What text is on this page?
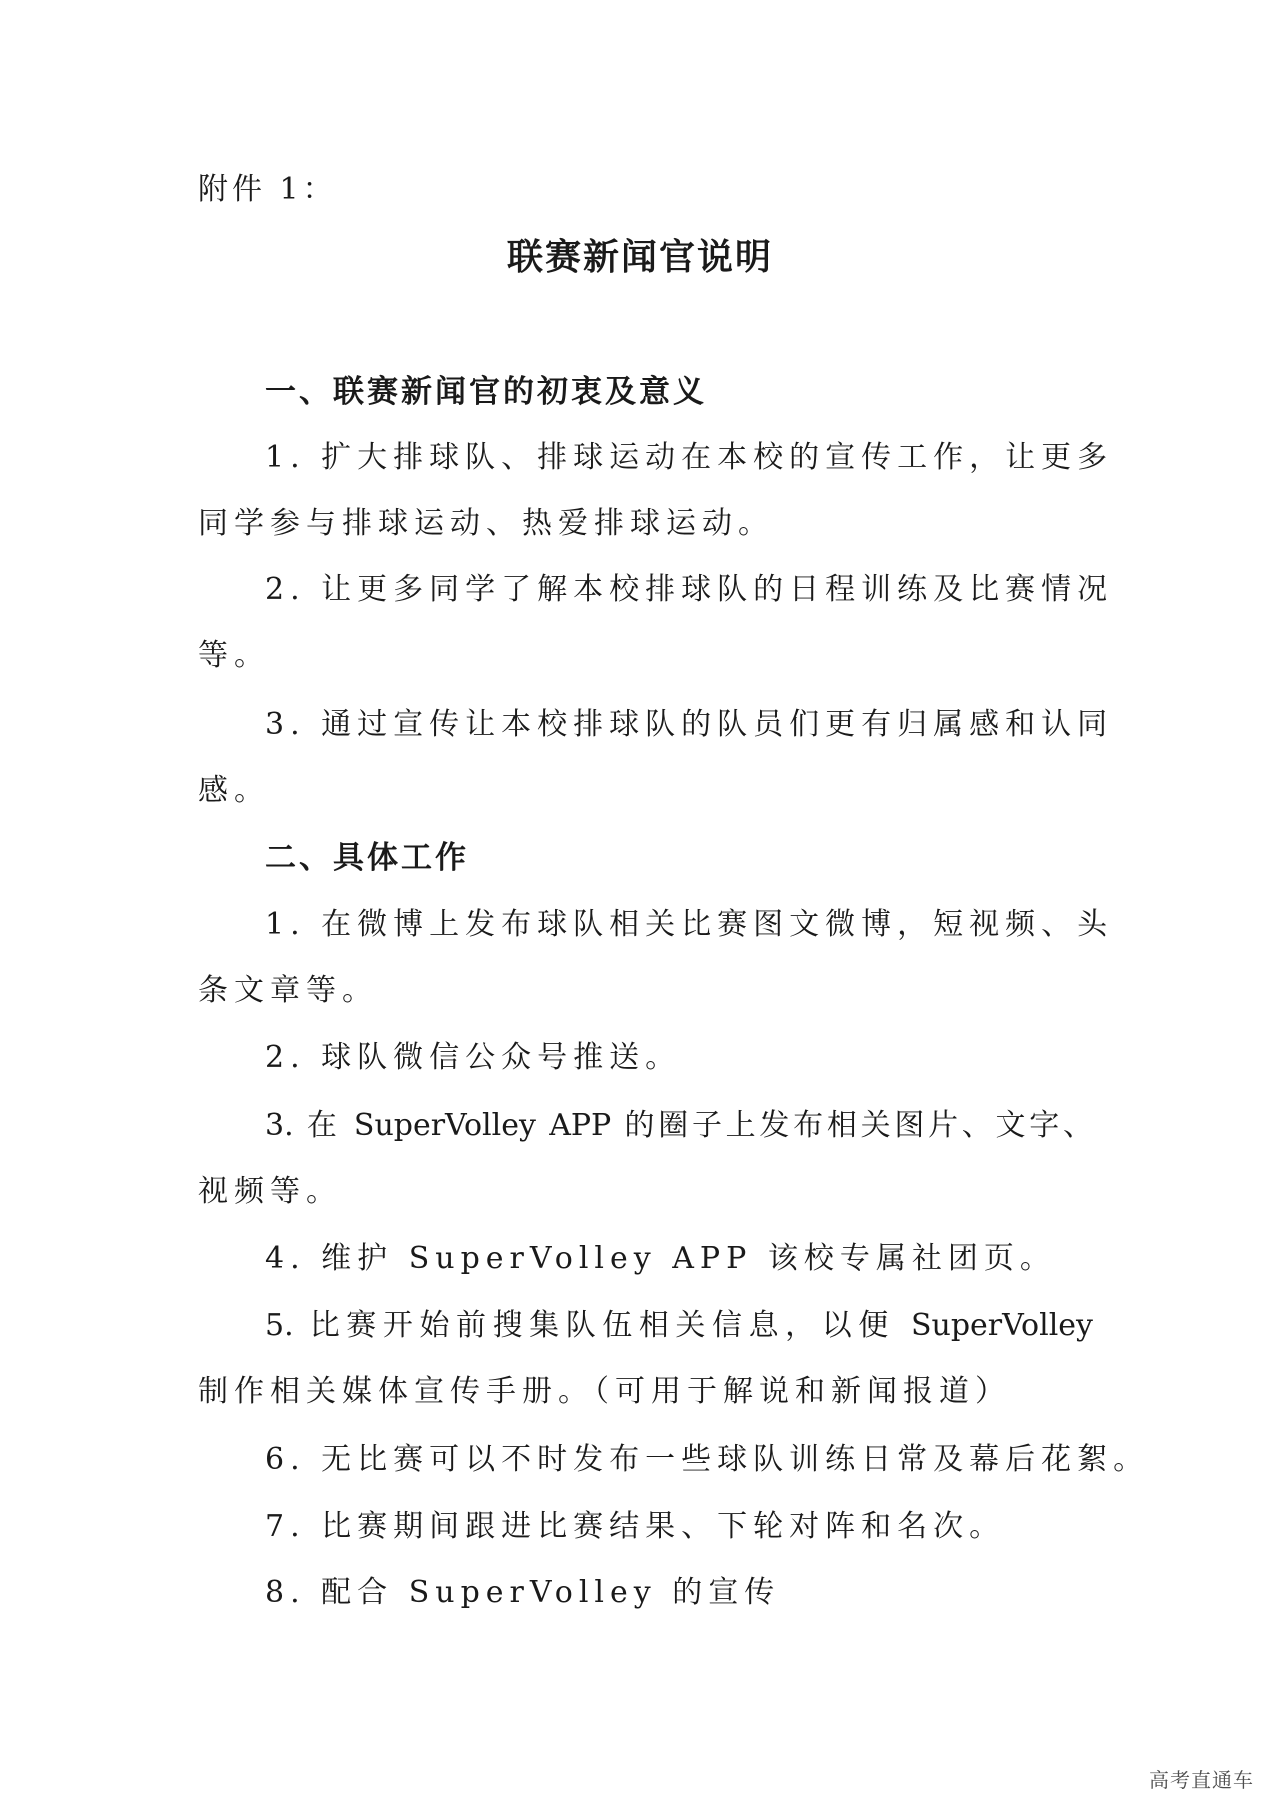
附件 1：
联赛新闻官说明
一、联赛新闻官的初衷及意义
1. 扩大排球队、排球运动在本校的宣传工作，让更多
同学参与排球运动、热爱排球运动。
2. 让更多同学了解本校排球队的日程训练及比赛情况
等。
3. 通过宣传让本校排球队的队员们更有归属感和认同
感。
二、具体工作
1. 在微博上发布球队相关比赛图文微博，短视频、头
条文章等。
2. 球队微信公众号推送。
3. 在 SuperVolley APP 的圈子上发布相关图片、文字、
视频等。
4. 维护 SuperVolley APP 该校专属社团页。
5. 比赛开始前搜集队伍相关信息，以便 SuperVolley
制作相关媒体宣传手册。（可用于解说和新闻报道）
6. 无比赛可以不时发布一些球队训练日常及幕后花絮。
7. 比赛期间跟进比赛结果、下轮对阵和名次。
8. 配合 SuperVolley 的宣传
高考直通车
